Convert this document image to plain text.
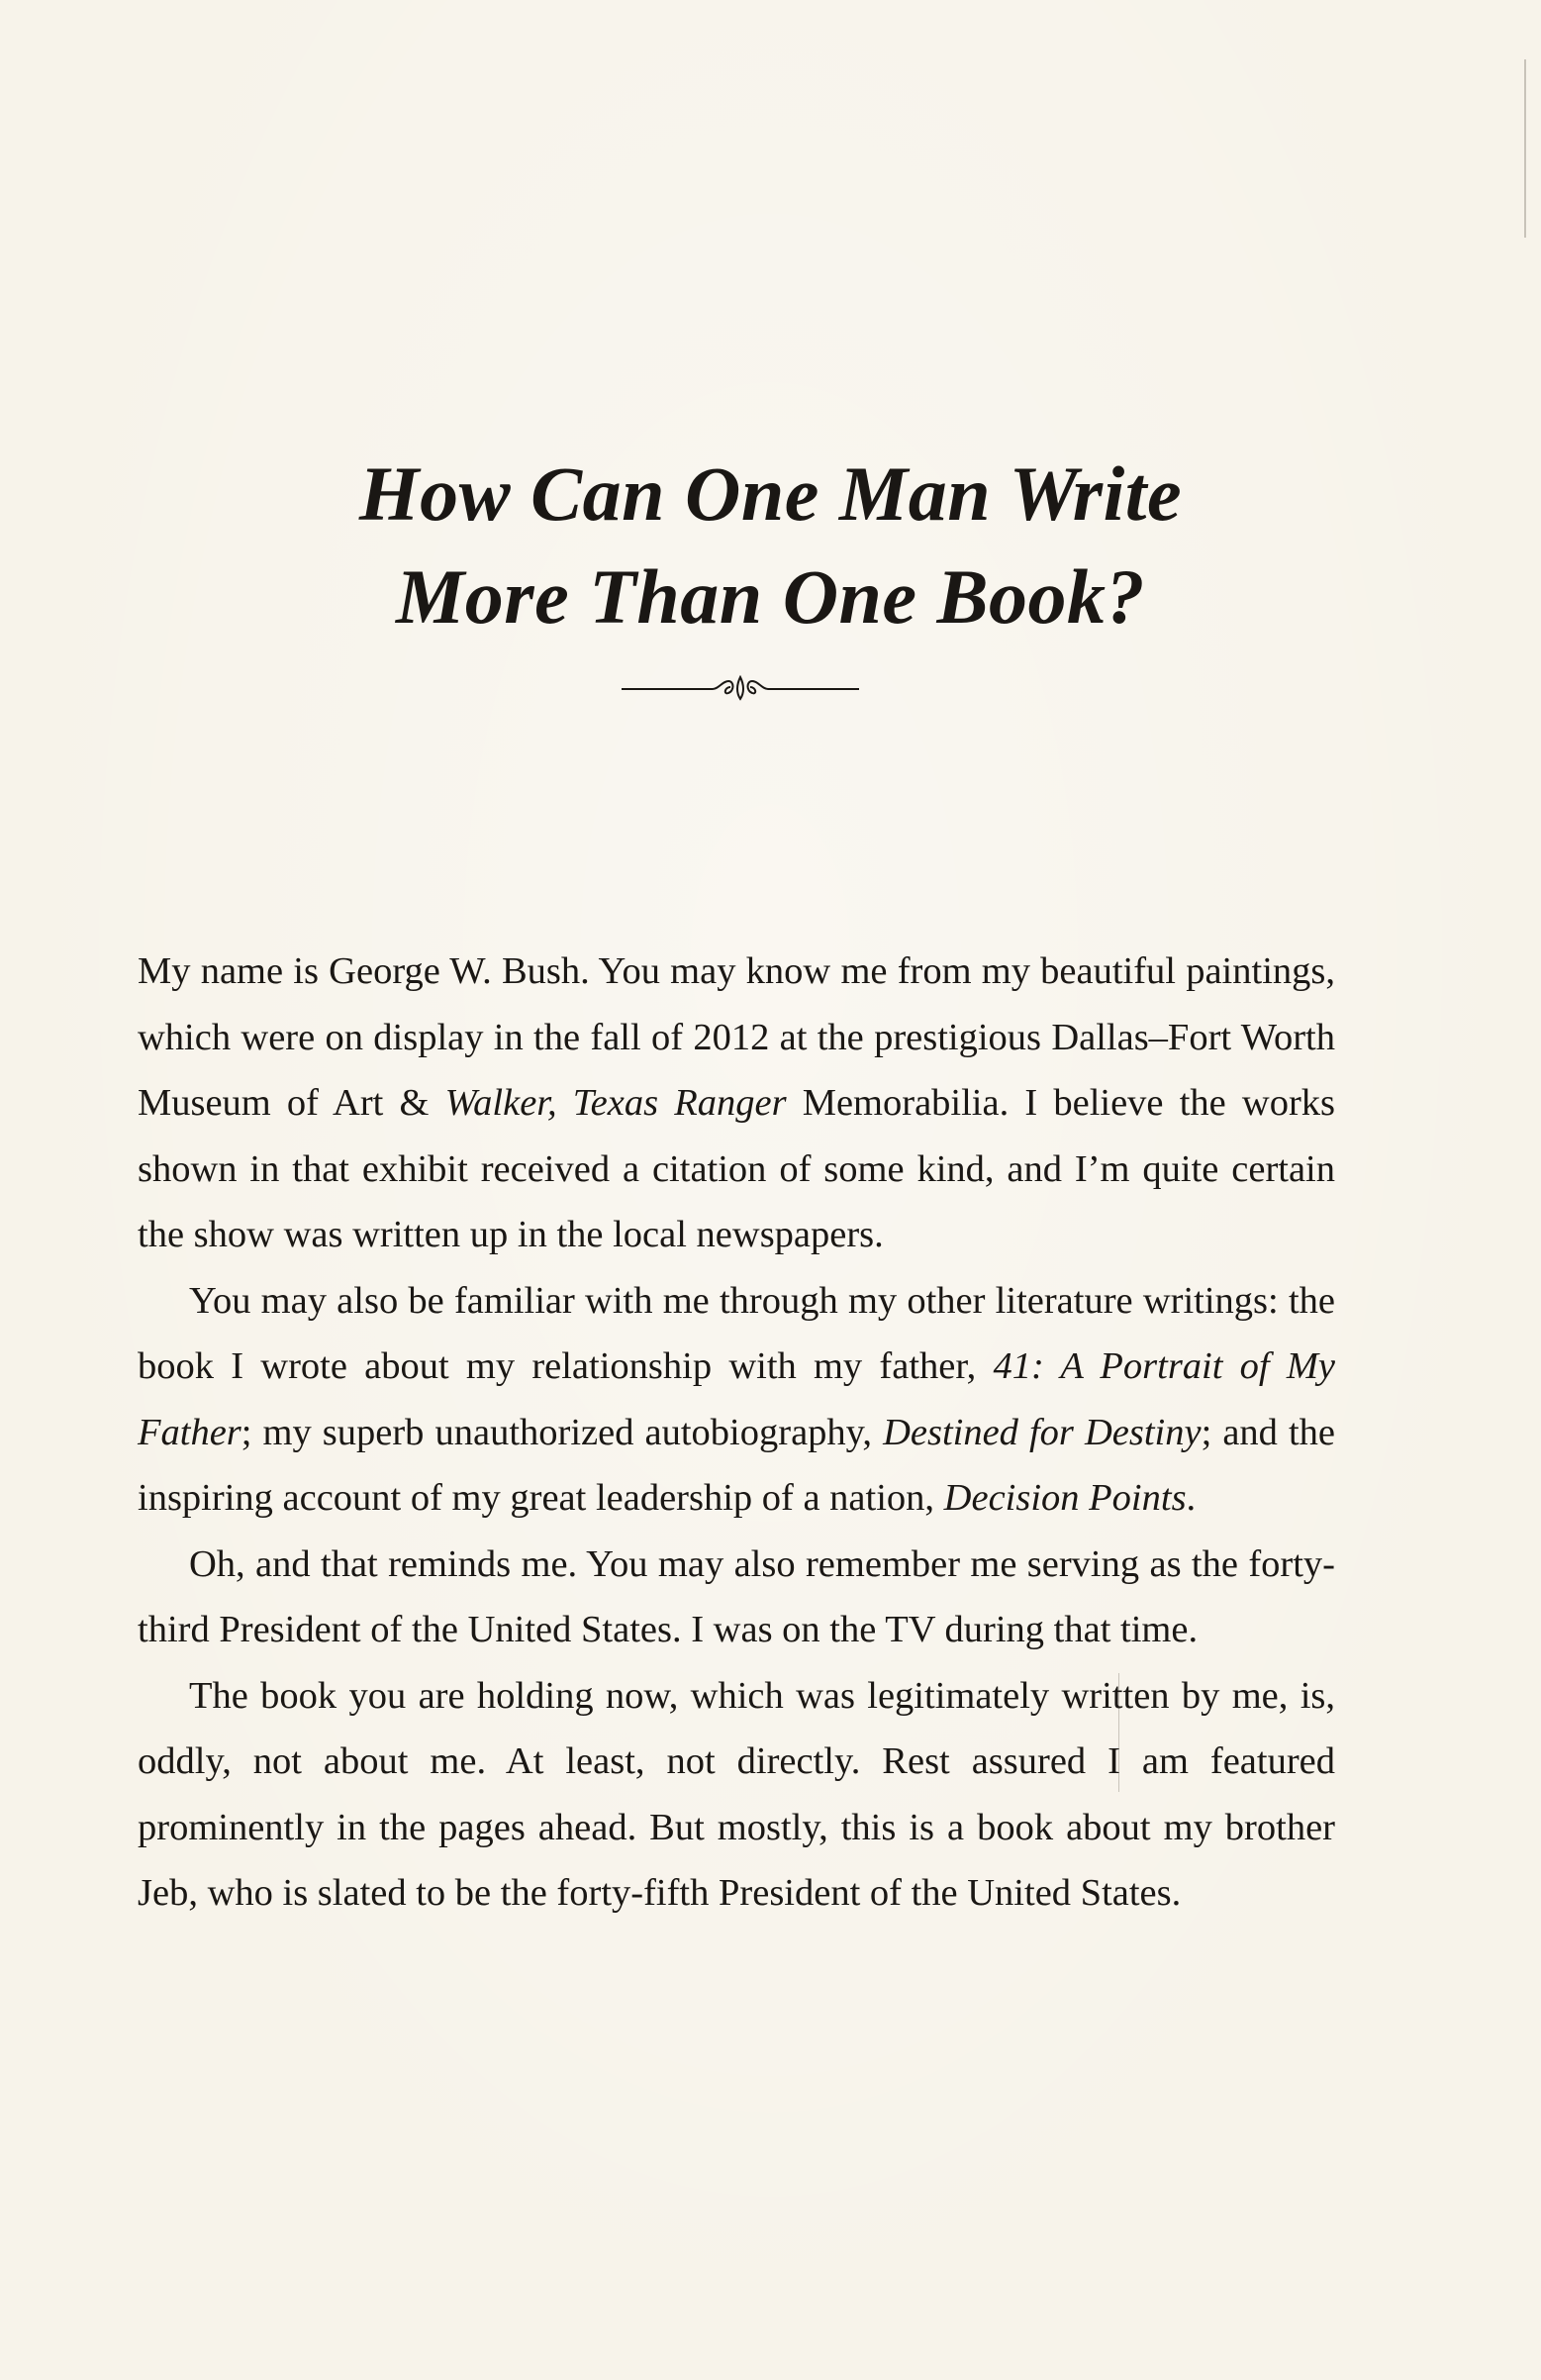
How Can One Man Write
More Than One Book?

My name is George W. Bush. You may know me from my beautiful paintings, which were on display in the fall of 2012 at the prestigious Dallas–Fort Worth Museum of Art & Walker, Texas Ranger Memorabilia. I believe the works shown in that exhibit received a citation of some kind, and I’m quite certain the show was written up in the local newspapers.

You may also be familiar with me through my other literature writings: the book I wrote about my relationship with my father, 41: A Portrait of My Father; my superb unauthorized autobiography, Destined for Destiny; and the inspiring account of my great leadership of a nation, Decision Points.

Oh, and that reminds me. You may also remember me serving as the forty-third President of the United States. I was on the TV during that time.

The book you are holding now, which was legitimately written by me, is, oddly, not about me. At least, not directly. Rest assured I am featured prominently in the pages ahead. But mostly, this is a book about my brother Jeb, who is slated to be the forty-fifth President of the United States.
